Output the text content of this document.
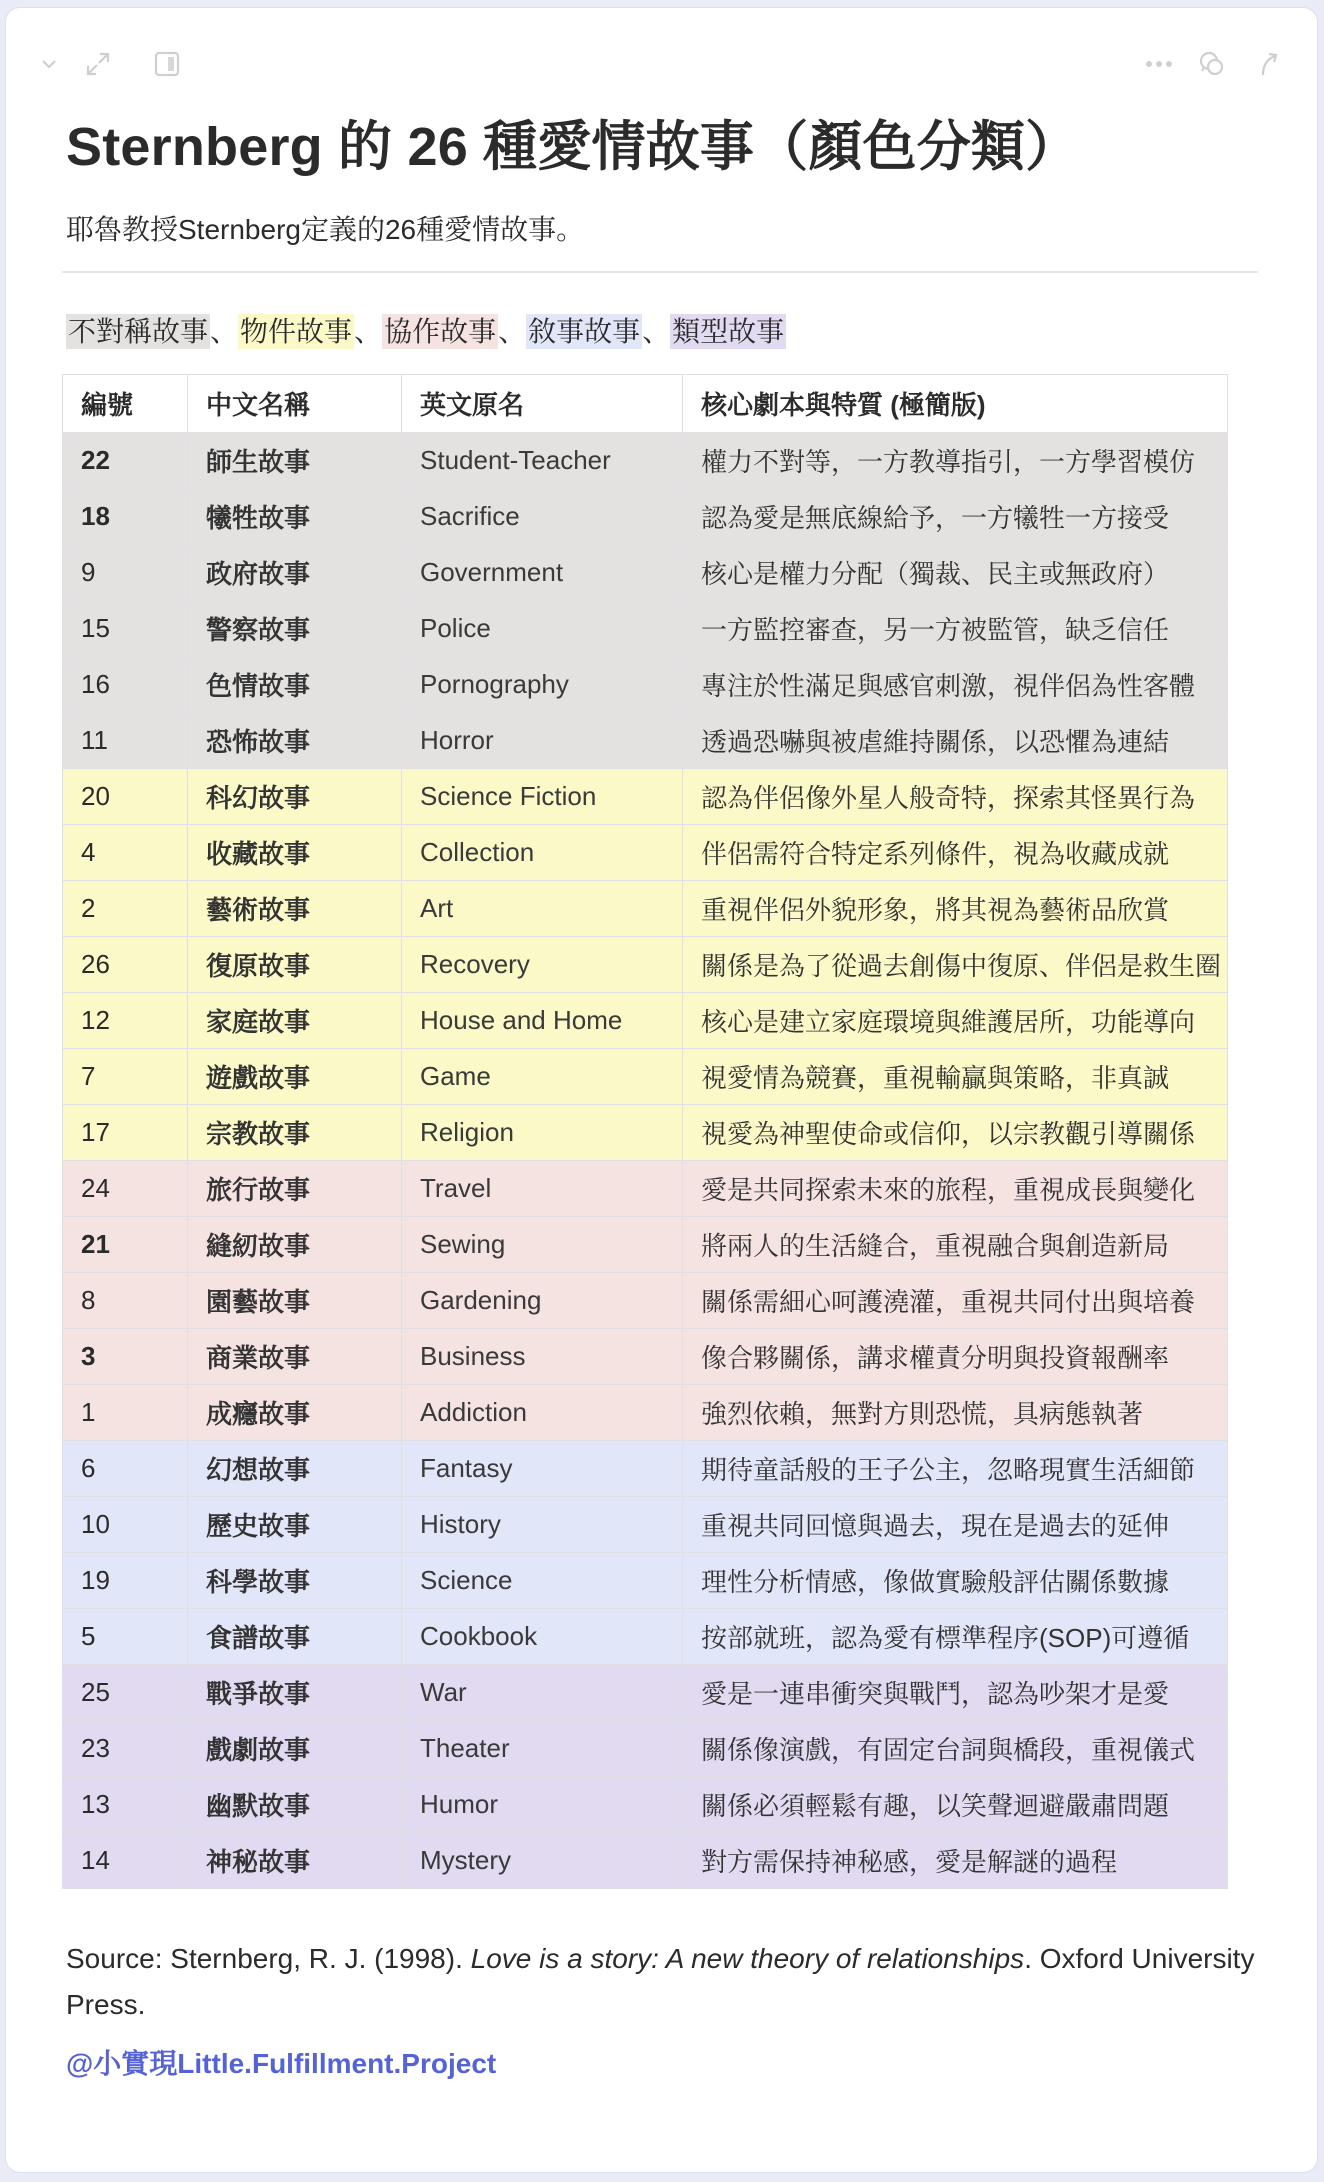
Sternberg 的 26 種愛情故事（顏色分類）
耶魯教授Sternberg定義的26種愛情故事。
不對稱故事、物件故事、協作故事、敘事故事、類型故事
編號	中文名稱	英文原名	核心劇本與特質 (極簡版)
22	師生故事	Student-Teacher	權力不對等，一方教導指引，一方學習模仿
18	犧牲故事	Sacrifice	認為愛是無底線給予，一方犧牲一方接受
9	政府故事	Government	核心是權力分配（獨裁、民主或無政府）
15	警察故事	Police	一方監控審查，另一方被監管，缺乏信任
16	色情故事	Pornography	專注於性滿足與感官刺激，視伴侶為性客體
11	恐怖故事	Horror	透過恐嚇與被虐維持關係，以恐懼為連結
20	科幻故事	Science Fiction	認為伴侶像外星人般奇特，探索其怪異行為
4	收藏故事	Collection	伴侶需符合特定系列條件，視為收藏成就
2	藝術故事	Art	重視伴侶外貌形象，將其視為藝術品欣賞
26	復原故事	Recovery	關係是為了從過去創傷中復原、伴侶是救生圈
12	家庭故事	House and Home	核心是建立家庭環境與維護居所，功能導向
7	遊戲故事	Game	視愛情為競賽，重視輸贏與策略，非真誠
17	宗教故事	Religion	視愛為神聖使命或信仰，以宗教觀引導關係
24	旅行故事	Travel	愛是共同探索未來的旅程，重視成長與變化
21	縫紉故事	Sewing	將兩人的生活縫合，重視融合與創造新局
8	園藝故事	Gardening	關係需細心呵護澆灌，重視共同付出與培養
3	商業故事	Business	像合夥關係，講求權責分明與投資報酬率
1	成癮故事	Addiction	強烈依賴，無對方則恐慌，具病態執著
6	幻想故事	Fantasy	期待童話般的王子公主，忽略現實生活細節
10	歷史故事	History	重視共同回憶與過去，現在是過去的延伸
19	科學故事	Science	理性分析情感，像做實驗般評估關係數據
5	食譜故事	Cookbook	按部就班，認為愛有標準程序(SOP)可遵循
25	戰爭故事	War	愛是一連串衝突與戰鬥，認為吵架才是愛
23	戲劇故事	Theater	關係像演戲，有固定台詞與橋段，重視儀式
13	幽默故事	Humor	關係必須輕鬆有趣，以笑聲迴避嚴肅問題
14	神秘故事	Mystery	對方需保持神秘感，愛是解謎的過程
Source: Sternberg, R. J. (1998). Love is a story: A new theory of relationships. Oxford University Press.
@小實現Little.Fulfillment.Project
